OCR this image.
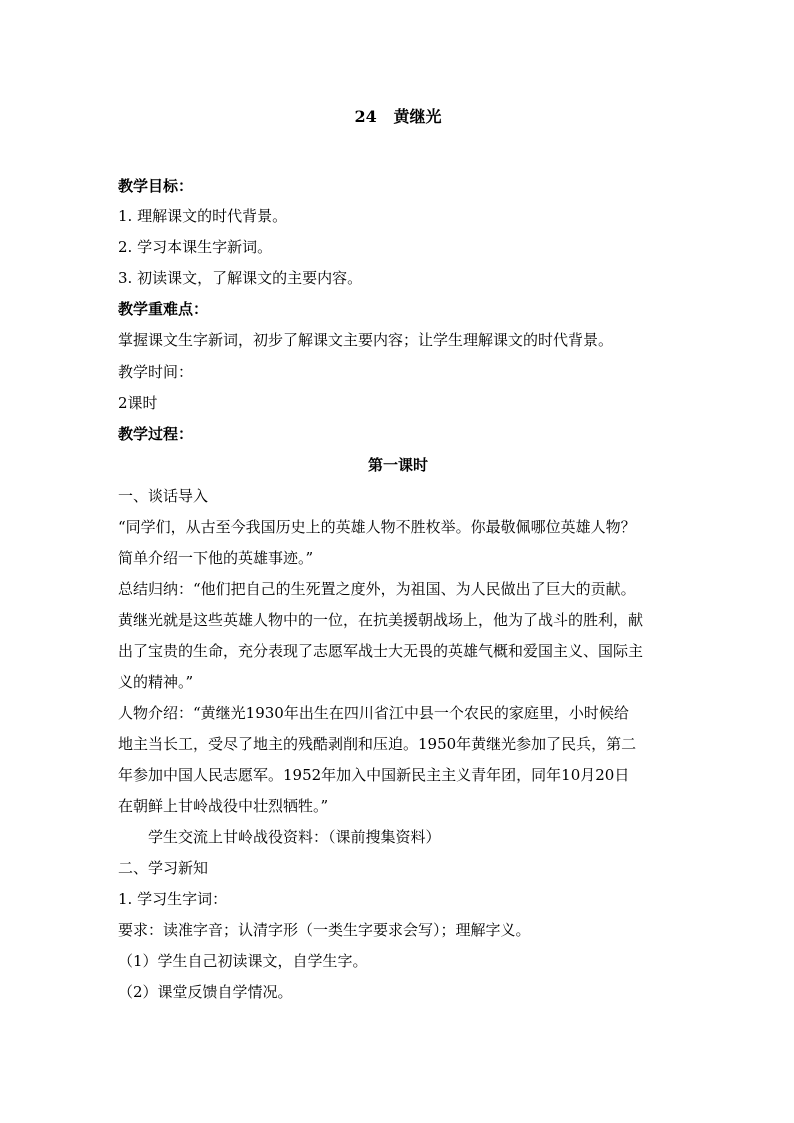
24   黄继光
教学目标：
1. 理解课文的时代背景。
2. 学习本课生字新词。
3. 初读课文，了解课文的主要内容。
教学重难点：
掌握课文生字新词，初步了解课文主要内容；让学生理解课文的时代背景。
教学时间：
2课时
教学过程：
第一课时
一、谈话导入
“同学们，从古至今我国历史上的英雄人物不胜枚举。你最敬佩哪位英雄人物？
简单介绍一下他的英雄事迹。”
总结归纳：“他们把自己的生死置之度外，为祖国、为人民做出了巨大的贡献。
黄继光就是这些英雄人物中的一位，在抗美援朝战场上，他为了战斗的胜利，献
出了宝贵的生命，充分表现了志愿军战士大无畏的英雄气概和爱国主义、国际主
义的精神。”
人物介绍：“黄继光1930年出生在四川省江中县一个农民的家庭里，小时候给
地主当长工，受尽了地主的残酷剥削和压迫。1950年黄继光参加了民兵，第二
年参加中国人民志愿军。1952年加入中国新民主主义青年团，同年10月20日
在朝鲜上甘岭战役中壮烈牺牲。”
学生交流上甘岭战役资料：（课前搜集资料）
二、学习新知
1. 学习生字词：
要求：读准字音；认清字形（一类生字要求会写）；理解字义。
（1）学生自己初读课文，自学生字。
（2）课堂反馈自学情况。
